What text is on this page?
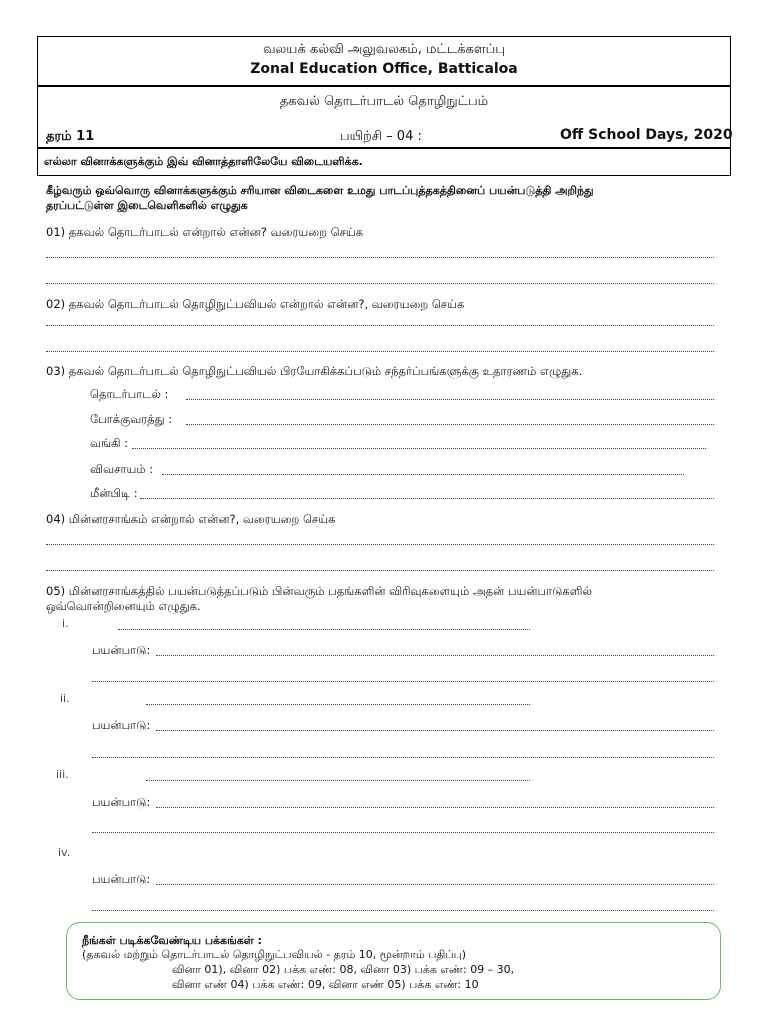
வலயக் கல்வி அலுவலகம், மட்டக்களப்பு
Zonal Education Office, Batticaloa
தகவல் தொடர்பாடல் தொழிநுட்பம்
தரம் 11	பயிற்சி – 04 :	Off School Days, 2020
எல்லா வினாக்களுக்கும் இவ் வினாத்தாளிலேயே விடையளிக்க.
கீழ்வரும் ஒவ்வொரு வினாக்களுக்கும் சரியான விடைகளை உமது பாடப்புத்தகத்தினைப் பயன்படுத்தி அறிந்து
தரப்பட்டுள்ள இடைவெளிகளில் எழுதுக
01) தகவல் தொடர்பாடல் என்றால் என்ன? வரையறை செய்க
02) தகவல் தொடர்பாடல் தொழிநுட்பவியல் என்றால் என்ன?, வரையறை செய்க
03) தகவல் தொடர்பாடல் தொழிநுட்பவியல் பிரயோகிக்கப்படும் சந்தர்ப்பங்களுக்கு உதாரணம் எழுதுக.
தொடர்பாடல் :
போக்குவரத்து :
வங்கி :
விவசாயம் :
மீன்பிடி :
04) மின்னரசாங்கம் என்றால் என்ன?, வரையறை செய்க
05) மின்னரசாங்கத்தில் பயன்படுத்தப்படும் பின்வரும் பதங்களின் விரிவுகளையும் அதன் பயன்பாடுகளில்
ஒவ்வொன்றினையும் எழுதுக.
i.
பயன்பாடு:
ii.
பயன்பாடு:
iii.
பயன்பாடு:
iv.
பயன்பாடு:
நீங்கள் படிக்கவேண்டிய பக்கங்கள் :
(தகவல் மற்றும் தொடர்பாடல் தொழிநுட்பவியல் - தரம் 10, மூன்றாம் பதிப்பு)
வினா 01), வினா 02) பக்க எண்: 08, வினா 03) பக்க எண்: 09 – 30,
வினா எண் 04) பக்க எண்: 09, வினா எண் 05) பக்க எண்: 10
